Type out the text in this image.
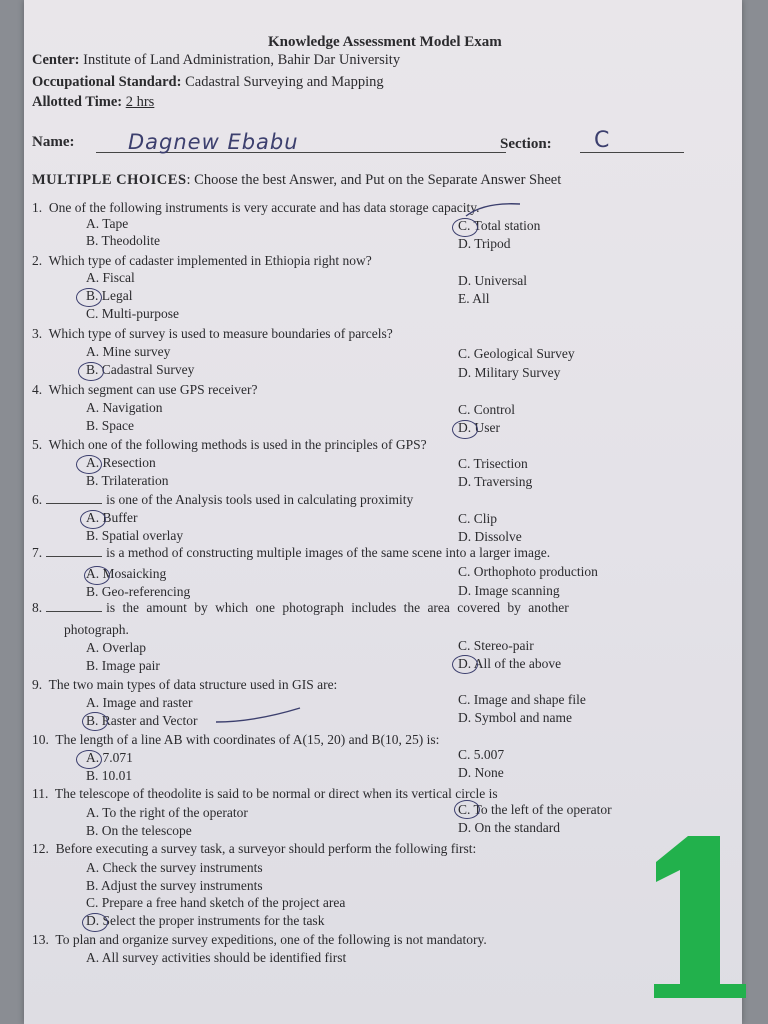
Knowledge Assessment Model Exam
Center: Institute of Land Administration, Bahir Dar University
Occupational Standard: Cadastral Surveying and Mapping
Allotted Time: 2 hrs
Name:	Dagnew Ebabu	Section: C
MULTIPLE CHOICES: Choose the best Answer, and Put on the Separate Answer Sheet
1. One of the following instruments is very accurate and has data storage capacity.
A. Tape
B. Theodolite
C. Total station
D. Tripod
2. Which type of cadaster implemented in Ethiopia right now?
A. Fiscal
B. Legal
C. Multi-purpose
D. Universal
E. All
3. Which type of survey is used to measure boundaries of parcels?
A. Mine survey
B. Cadastral Survey
C. Geological Survey
D. Military Survey
4. Which segment can use GPS receiver?
A. Navigation
B. Space
C. Control
D. User
5. Which one of the following methods is used in the principles of GPS?
A. Resection
B. Trilateration
C. Trisection
D. Traversing
6.	is one of the Analysis tools used in calculating proximity
A. Buffer
B. Spatial overlay
C. Clip
D. Dissolve
7.	is a method of constructing multiple images of the same scene into a larger image.
A. Mosaicking
B. Geo-referencing
C. Orthophoto production
D. Image scanning
8.	is the amount by which one photograph includes the area covered by another
photograph.
A. Overlap
B. Image pair
C. Stereo-pair
D. All of the above
9. The two main types of data structure used in GIS are:
A. Image and raster
B. Raster and Vector
C. Image and shape file
D. Symbol and name
10. The length of a line AB with coordinates of A(15, 20) and B(10, 25) is:
A. 7.071
B. 10.01
C. 5.007
D. None
11. The telescope of theodolite is said to be normal or direct when its vertical circle is
A. To the right of the operator
B. On the telescope
C. To the left of the operator
D. On the standard
12. Before executing a survey task, a surveyor should perform the following first:
A. Check the survey instruments
B. Adjust the survey instruments
C. Prepare a free hand sketch of the project area
D. Select the proper instruments for the task
13. To plan and organize survey expeditions, one of the following is not mandatory.
A. All survey activities should be identified first
